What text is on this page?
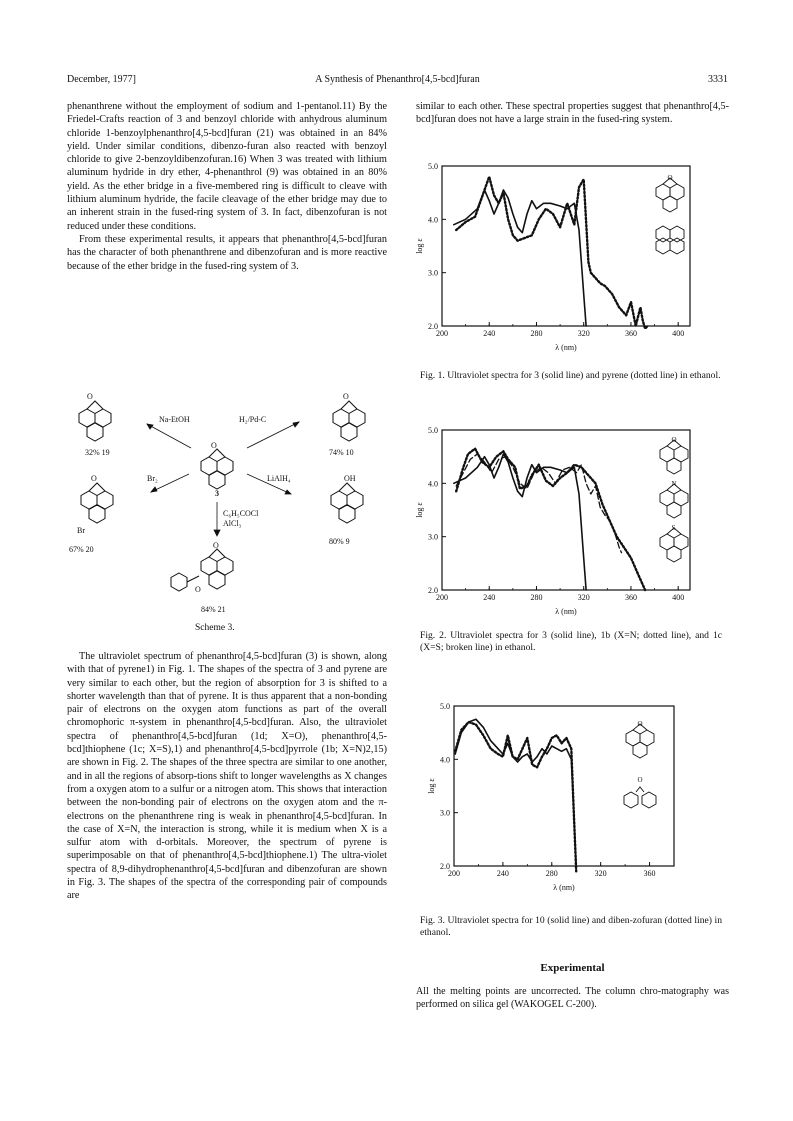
December, 1977]	A Synthesis of Phenanthro[4,5-bcd]furan	3331

phenanthrene without the employment of sodium and 1-pentanol.11) By the Friedel-Crafts reaction of 3 and benzoyl chloride with anhydrous aluminum chloride 1-benzoylphenanthro[4,5-bcd]furan (21) was obtained in an 84% yield. Under similar conditions, dibenzo-furan also reacted with benzoyl chloride to give 2-benzoyldibenzofuran.16) When 3 was treated with lithium aluminum hydride in dry ether, 4-phenanthrol (9) was obtained in an 80% yield. As the ether bridge in a five-membered ring is difficult to cleave with lithium aluminum hydride, the facile cleavage of the ether bridge may due to an inherent strain in the fused-ring system of 3. In fact, dibenzofuran is not reduced under these conditions.

From these experimental results, it appears that phenanthro[4,5-bcd]furan has the character of both phenanthrene and dibenzofuran and is more reactive because of the ether bridge in the fused-ring system of 3.

O
32% 19
O
74% 10
O
3
O
Br
67% 20
OH
80% 9
O
O
84% 21
Scheme 3.
Na-EtOH	H₂/Pd-C
Br₂	LiAlH₄
C₆H₅COCl
AlCl₃

The ultraviolet spectrum of phenanthro[4,5-bcd]furan (3) is shown, along with that of pyrene1) in Fig. 1. The shapes of the spectra of 3 and pyrene are very similar to each other, but the region of absorption for 3 is shifted to a shorter wavelength than that of pyrene. It is thus apparent that a non-bonding pair of electrons on the oxygen atom functions as part of the overall chromophoric π-system in phenanthro[4,5-bcd]furan. Also, the ultraviolet spectra of phenanthro[4,5-bcd]furan (1d; X=O), phenanthro[4,5-bcd]thiophene (1c; X=S),1) and phenanthro[4,5-bcd]pyrrole (1b; X=N)2,15) are shown in Fig. 2. The shapes of the three spectra are similar to one another, and in all the regions of absorp-tions shift to longer wavelengths as X changes from a oxygen atom to a sulfur or a nitrogen atom. This shows that interaction between the non-bonding pair of electrons on the oxygen atom and the π-electrons on the phenanthrene ring is weak in phenanthro[4,5-bcd]furan. In the case of X=N, the interaction is strong, while it is medium when X is a sulfur atom with d-orbitals. Moreover, the spectrum of pyrene is superimposable on that of phenanthro[4,5-bcd]thiophene.1) The ultra-violet spectra of 8,9-dihydrophenanthro[4,5-bcd]furan and dibenzofuran are shown in Fig. 3. The shapes of the spectra of the corresponding pair of compounds are

similar to each other. These spectral properties suggest that phenanthro[4,5-bcd]furan does not have a large strain in the fused-ring system.

5.0
4.0
3.0
2.0
200	240	280	320	360	400
log ε
λ (nm)
O
Fig. 1. Ultraviolet spectra for 3 (solid line) and pyrene (dotted line) in ethanol.
5.0
4.0
3.0
2.0
200	240	280	320	360	400
log ε
λ (nm)
O
N
S
Fig. 2. Ultraviolet spectra for 3 (solid line), 1b (X=N; dotted line), and 1c (X=S; broken line) in ethanol.
5.0
4.0
3.0
2.0
200	240	280	320	360
log ε
λ (nm)
O
O
Fig. 3. Ultraviolet spectra for 10 (solid line) and diben-zofuran (dotted line) in ethanol.
Experimental
All the melting points are uncorrected. The column chro-matography was performed on silica gel (WAKOGEL C-200).
